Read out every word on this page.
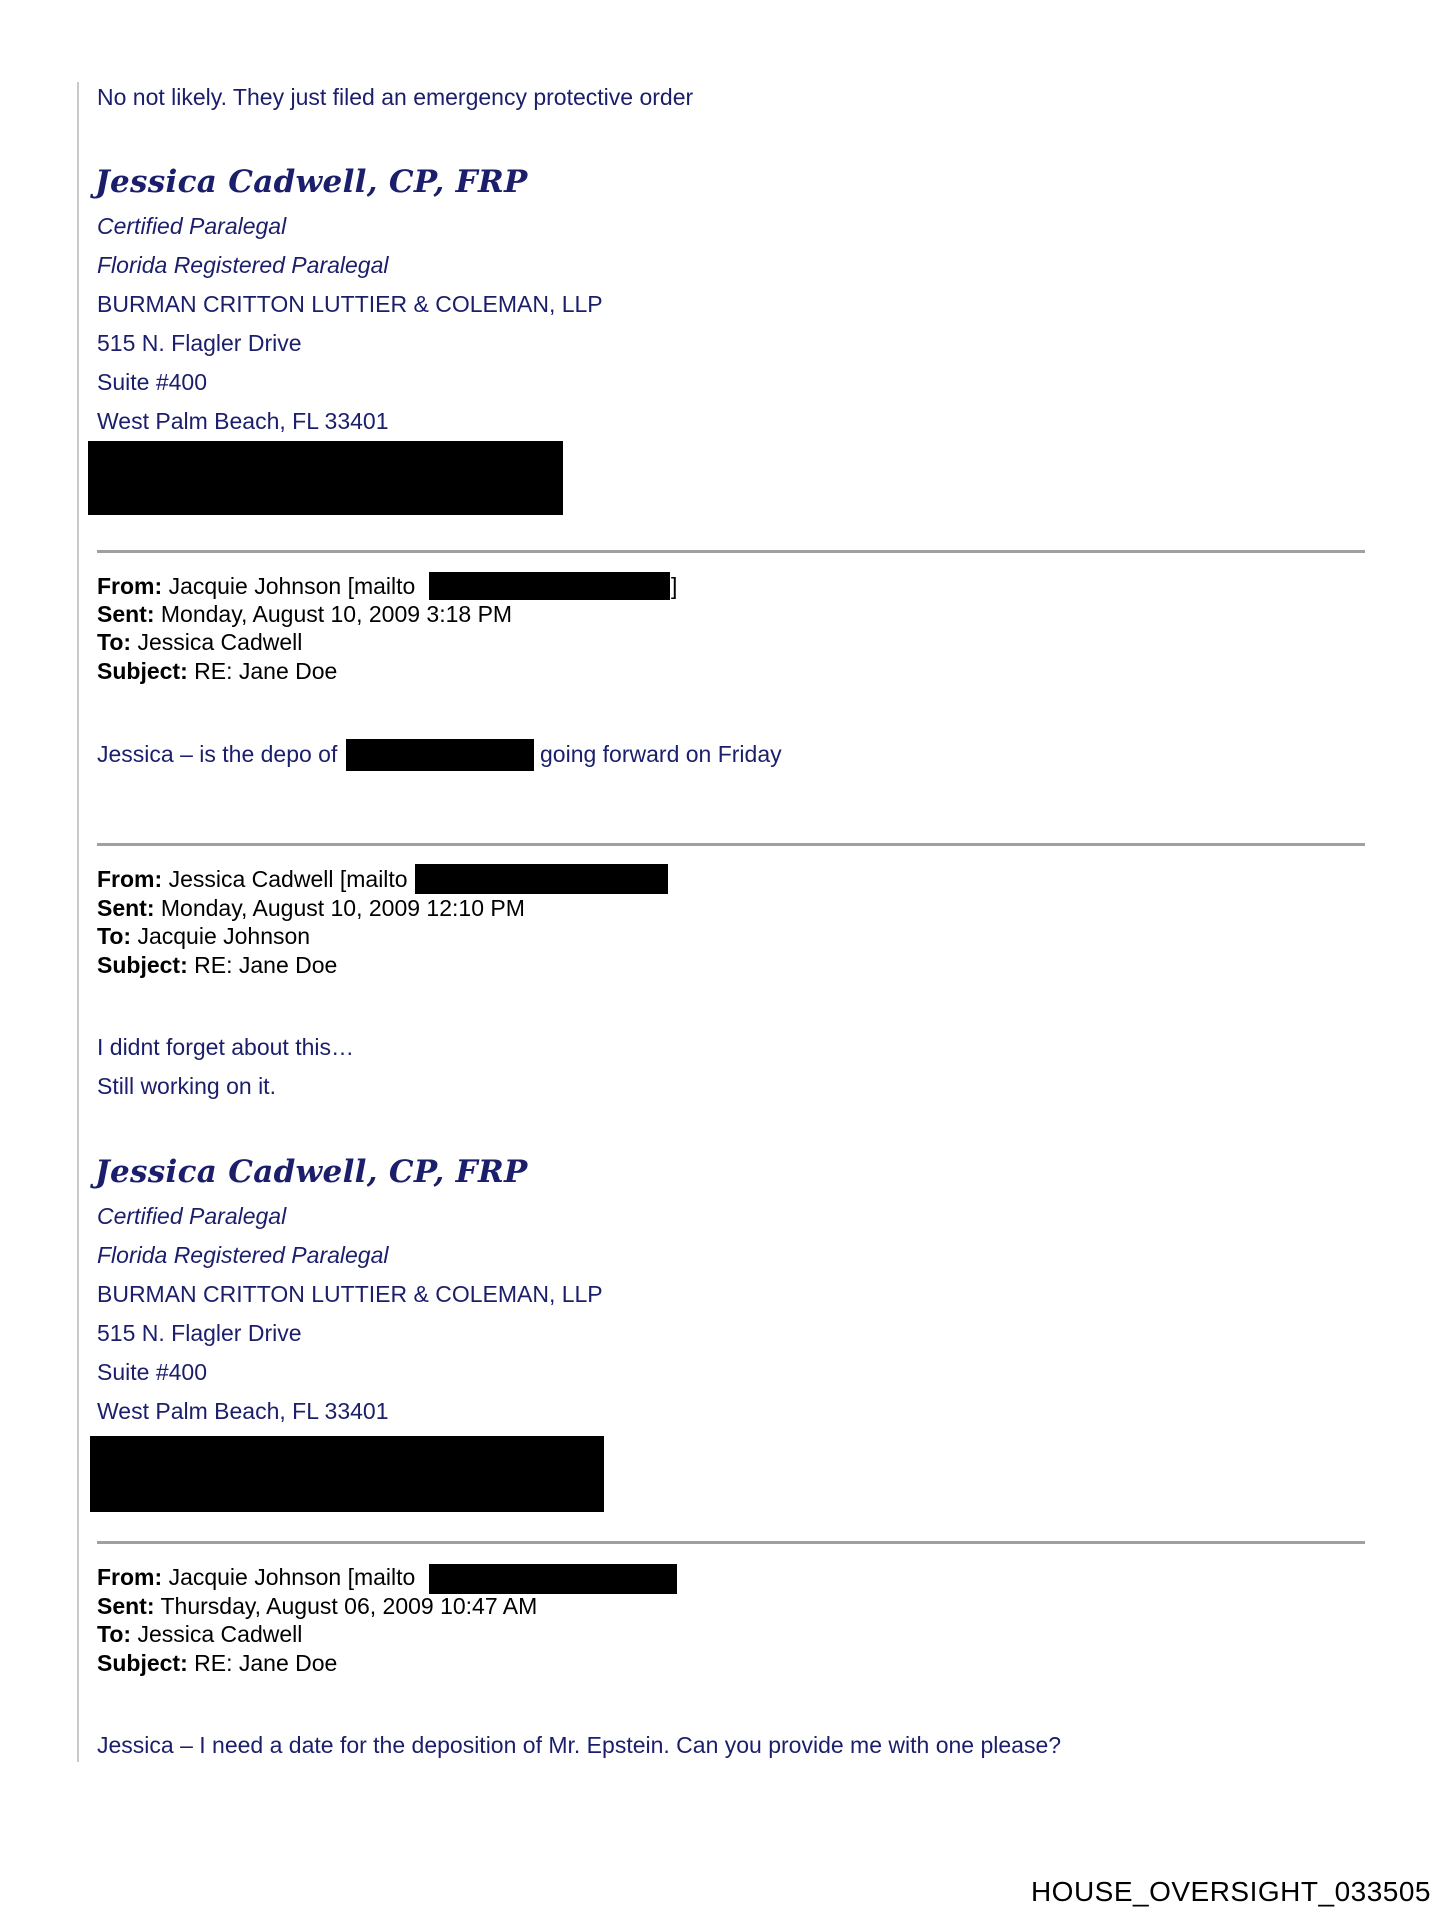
No not likely. They just filed an emergency protective order
Jessica Cadwell, CP, FRP
Certified Paralegal
Florida Registered Paralegal
BURMAN CRITTON LUTTIER & COLEMAN, LLP
515 N. Flagler Drive
Suite #400
West Palm Beach, FL 33401
From: Jacquie Johnson [mailto	]
Sent: Monday, August 10, 2009 3:18 PM
To: Jessica Cadwell
Subject: RE: Jane Doe
Jessica – is the depo of	going forward on Friday
From: Jessica Cadwell [mailto
Sent: Monday, August 10, 2009 12:10 PM
To: Jacquie Johnson
Subject: RE: Jane Doe
I didnt forget about this…
Still working on it.
Jessica Cadwell, CP, FRP
Certified Paralegal
Florida Registered Paralegal
BURMAN CRITTON LUTTIER & COLEMAN, LLP
515 N. Flagler Drive
Suite #400
West Palm Beach, FL 33401
From: Jacquie Johnson [mailto
Sent: Thursday, August 06, 2009 10:47 AM
To: Jessica Cadwell
Subject: RE: Jane Doe
Jessica – I need a date for the deposition of Mr. Epstein. Can you provide me with one please?
HOUSE_OVERSIGHT_033505
